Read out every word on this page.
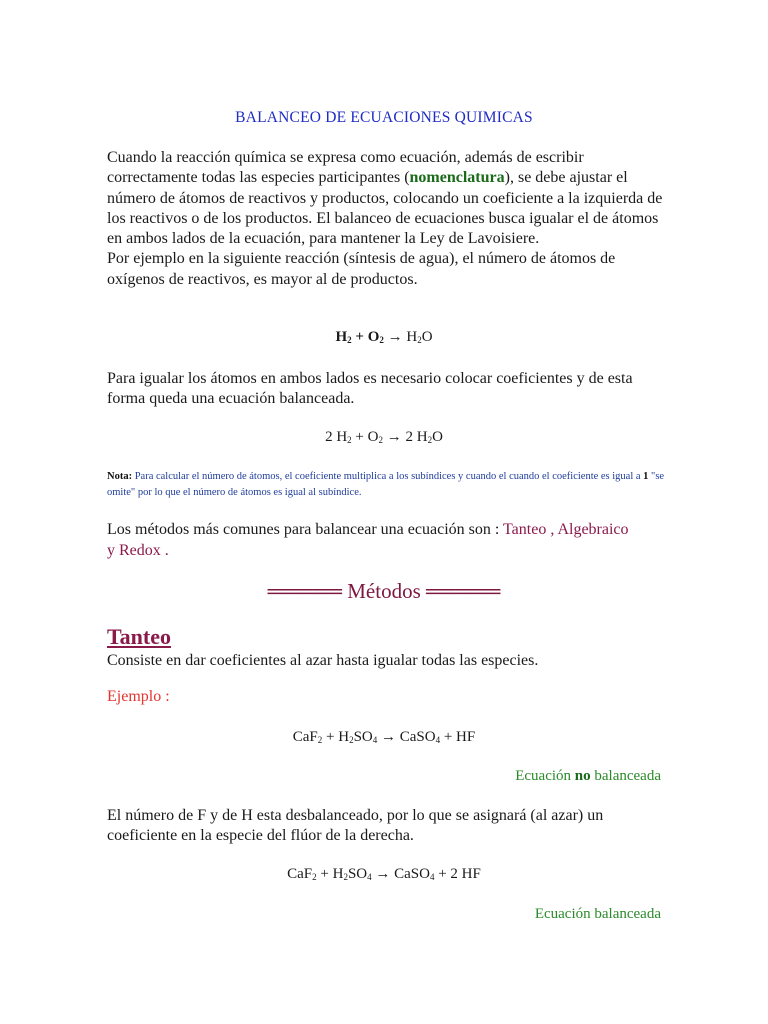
BALANCEO DE ECUACIONES QUIMICAS

Cuando la reacción química se expresa como ecuación, además de escribir correctamente todas las especies participantes (nomenclatura), se debe ajustar el número de átomos de reactivos y productos, colocando un coeficiente a la izquierda de los reactivos o de los productos. El balanceo de ecuaciones busca igualar el de átomos en ambos lados de la ecuación, para mantener la Ley de Lavoisiere.
Por ejemplo en la siguiente reacción (síntesis de agua), el número de átomos de oxígenos de reactivos, es mayor al de productos.

$H_2 + O_2 \to H_2O$

Para igualar los átomos en ambos lados es necesario colocar coeficientes y de esta forma queda una ecuación balanceada.

2 $H_2 + O_2 \to 2$ $H_2O$
Nota: Para calcular el número de átomos, el coeficiente multiplica a los subíndices y cuando el cuando el coeficiente es igual a 1 "se omite" por lo que el número de átomos es igual al subíndice.
Los métodos más comunes para balancear una ecuación son : Tanteo , Algebraico
y Redox .
═════ Métodos ═════
Tanteo

Consiste en dar coeficientes al azar hasta igualar todas las especies.

Ejemplo :
$CaF_2 + H_2SO_4$ → CaSO$_4$ + HF
Ecuación no balanceada

El número de F y de H esta desbalanceado, por lo que se asignará (al azar) un coeficiente en la especie del flúor de la derecha.

$CaF_2 + H_2SO_4$ → CaSO$_4$ + 2 HF
Ecuación balanceada
